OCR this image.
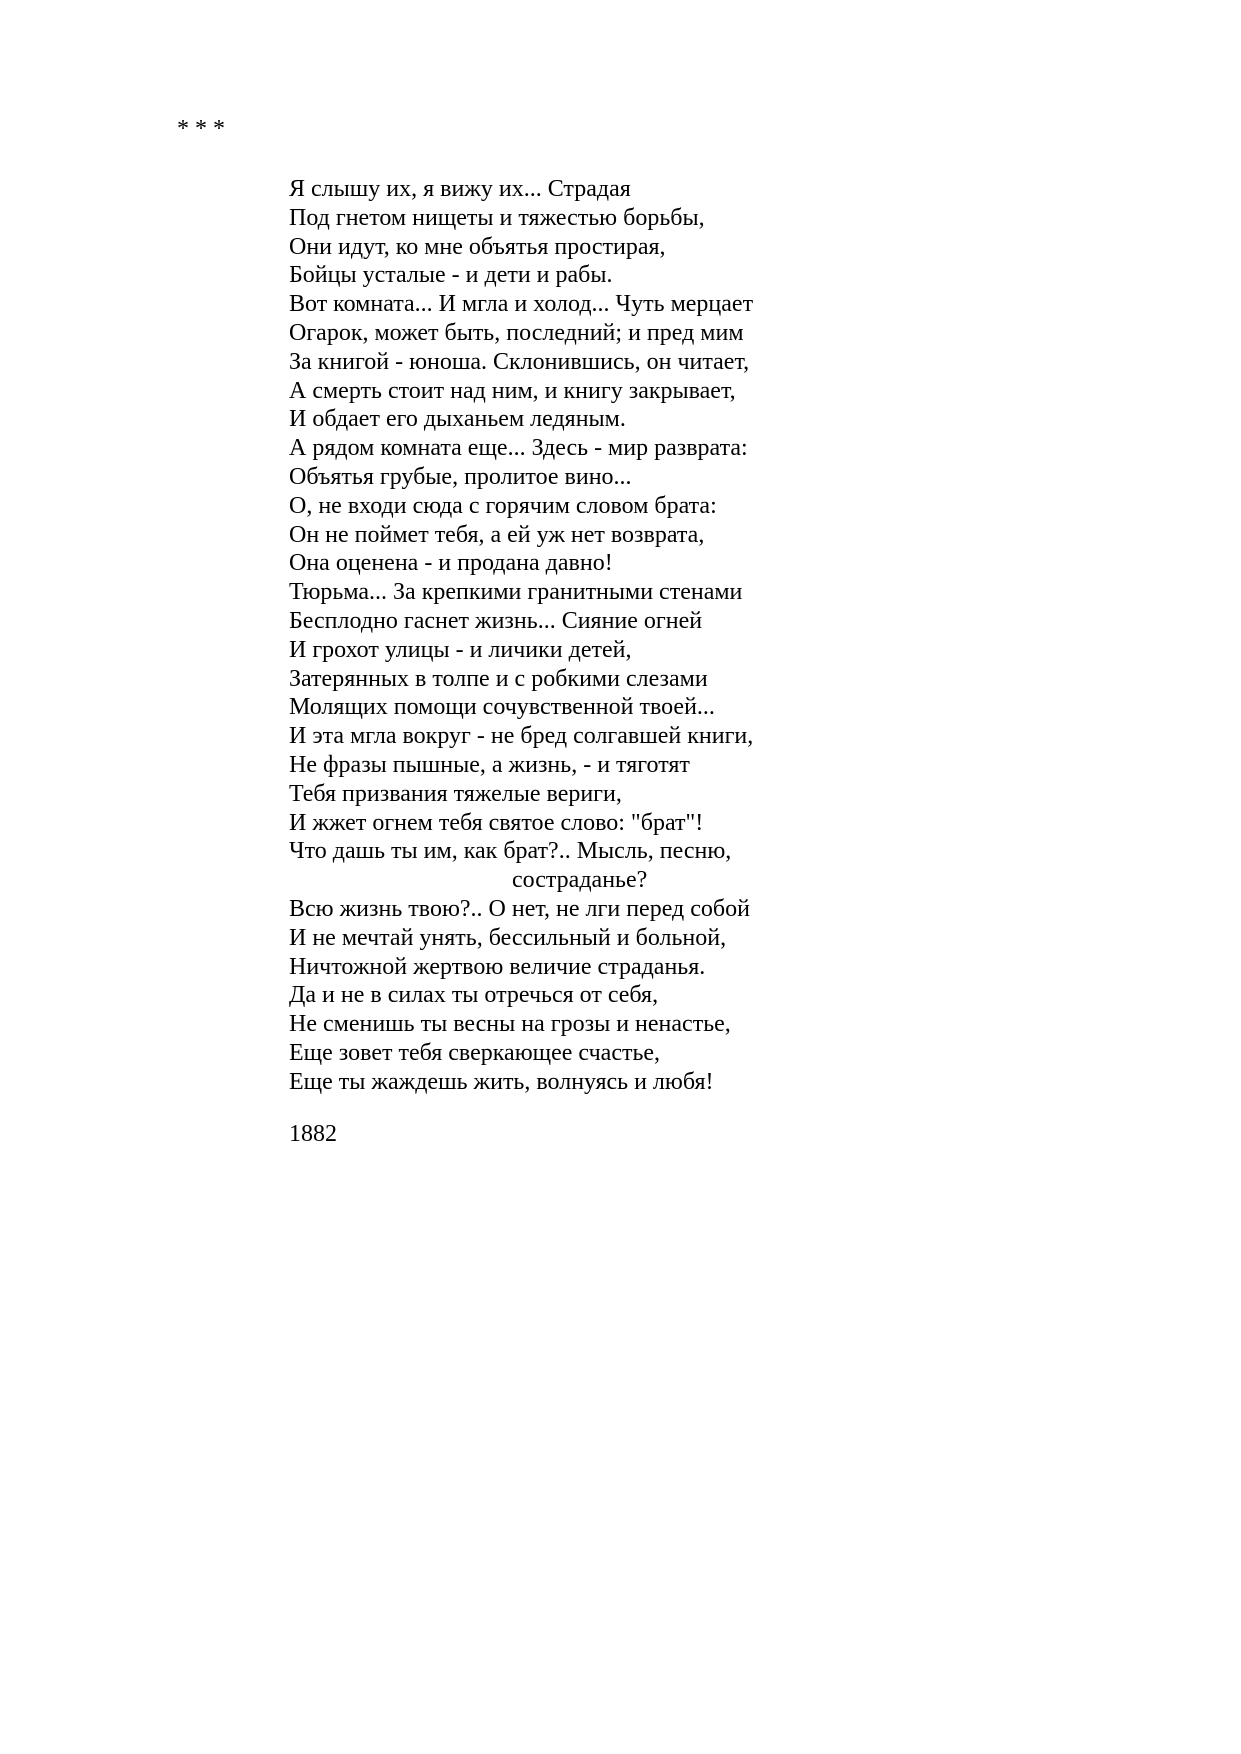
* * *
Я слышу их, я вижу их... Страдая
Под гнетом нищеты и тяжестью борьбы,
Они идут, ко мне объятья простирая,
Бойцы усталые - и дети и рабы.
Вот комната... И мгла и холод... Чуть мерцает
Огарок, может быть, последний; и пред мим
За книгой - юноша. Склонившись, он читает,
А смерть стоит над ним, и книгу закрывает,
И обдает его дыханьем ледяным.
А рядом комната еще... Здесь - мир разврата:
Объятья грубые, пролитое вино...
О, не входи сюда с горячим словом брата:
Он не поймет тебя, а ей уж нет возврата,
Она оценена - и продана давно!
Тюрьма... За крепкими гранитными стенами
Бесплодно гаснет жизнь... Сияние огней
И грохот улицы - и личики детей,
Затерянных в толпе и с робкими слезами
Молящих помощи сочувственной твоей...
И эта мгла вокруг - не бред солгавшей книги,
Не фразы пышные, а жизнь, - и тяготят
Тебя призвания тяжелые вериги,
И жжет огнем тебя святое слово: "брат"!
Что дашь ты им, как брат?.. Мысль, песню,
состраданье?
Всю жизнь твою?.. О нет, не лги перед собой
И не мечтай унять, бессильный и больной,
Ничтожной жертвою величие страданья.
Да и не в силах ты отречься от себя,
Не сменишь ты весны на грозы и ненастье,
Еще зовет тебя сверкающее счастье,
Еще ты жаждешь жить, волнуясь и любя!
1882
